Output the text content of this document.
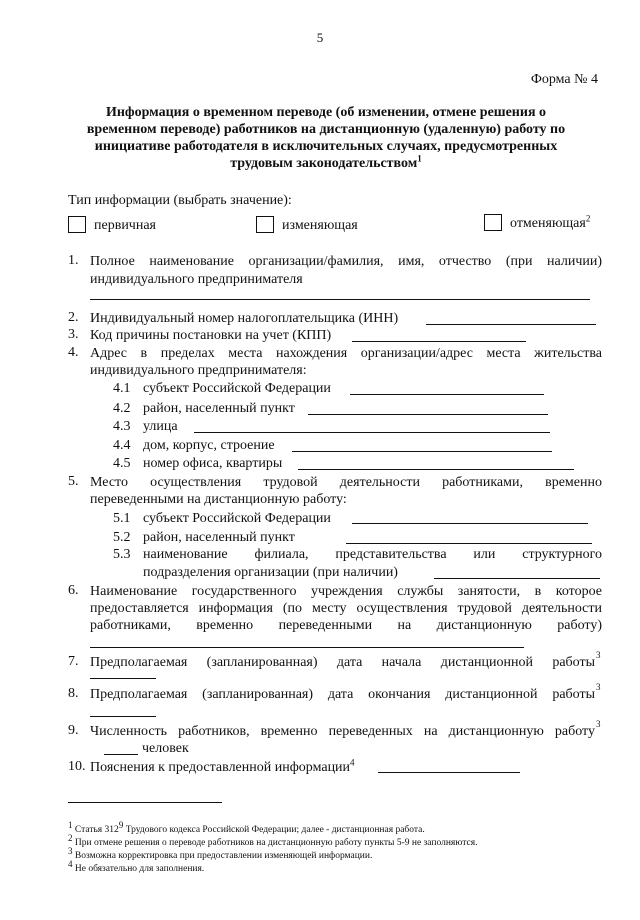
5
Форма № 4
Информация о временном переводе (об изменении, отмене решения о
временном переводе) работников на дистанционную (удаленную) работу по
инициативе работодателя в исключительных случаях, предусмотренных
трудовым законодательством$^1$
Тип информации (выбрать значение):
первичная	изменяющая	отменяющая$^2$
1. Полное наименование организации/фамилия, имя, отчество (при наличии)
индивидуального предпринимателя
2. Индивидуальный номер налогоплательщика (ИНН)
3. Код причины постановки на учет (КПП)
4. Адрес в пределах места нахождения организации/адрес места жительства
индивидуального предпринимателя:
4.1 субъект Российской Федерации
4.2 район, населенный пункт
4.3 улица
4.4 дом, корпус, строение
4.5 номер офиса, квартиры
5. Место осуществления трудовой деятельности работниками, временно
переведенными на дистанционную работу:
5.1 субъект Российской Федерации
5.2 район, населенный пункт
5.3 наименование филиала, представительства или структурного
подразделения организации (при наличии)
6. Наименование государственного учреждения службы занятости, в которое
предоставляется информация (по месту осуществления трудовой деятельности
работниками, временно переведенными на дистанционную работу)
7. Предполагаемая (запланированная) дата начала дистанционной работы 3
8. Предполагаемая (запланированная) дата окончания дистанционной работы 3
9. Численность работников, временно переведенных на дистанционную работу 3
человек
10. Пояснения к предоставленной информации$^4$
$^1$ Статья $312^9$ Трудового кодекса Российской Федерации; далее - дистанционная работа.
$^2$ При отмене решения о переводе работников на дистанционную работу пункты 5-9 не заполняются.
$^3$ Возможна корректировка при предоставлении изменяющей информации.
$^4$ Не обязательно для заполнения.
